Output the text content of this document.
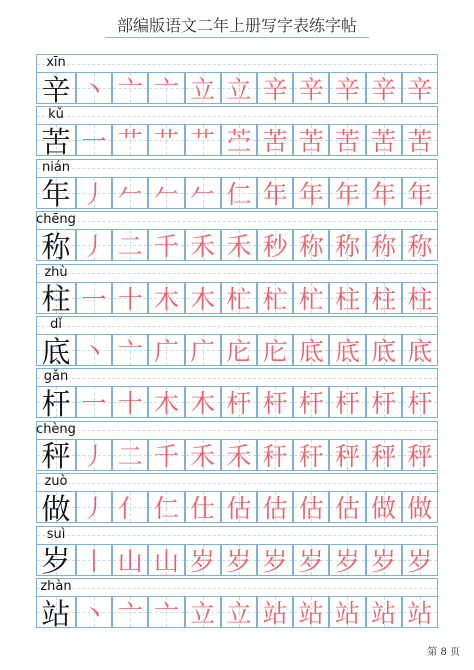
部编版语文二年上册写字表练字帖
xīn
辛 丶 亠 亠 立 立 辛 辛 辛 辛 辛
kǔ
苦 一 艹 艹 艹 苎 苦 苦 苦 苦 苦
nián
年 丿 𠂉 𠂉 𠂉 仁 年 年 年 年 年
chēng
称 丿 二 千 禾 禾 秒 称 称 称 称
zhù
柱 一 十 木 木 杧 杧 杧 柱 柱 柱
dǐ
底 丶 亠 广 广 庀 庀 底 底 底 底
gǎn
杆 一 十 木 木 杆 杆 杆 杆 杆 杆
chèng
秤 丿 二 千 禾 禾 秆 秆 秤 秤 秤
zuò
做 丿 亻 仁 仕 估 估 估 估 做 做
suì
岁 丨 山 山 岁 岁 岁 岁 岁 岁 岁
zhàn
站 丶 亠 亠 立 立 站 站 站 站 站
第 8 页
